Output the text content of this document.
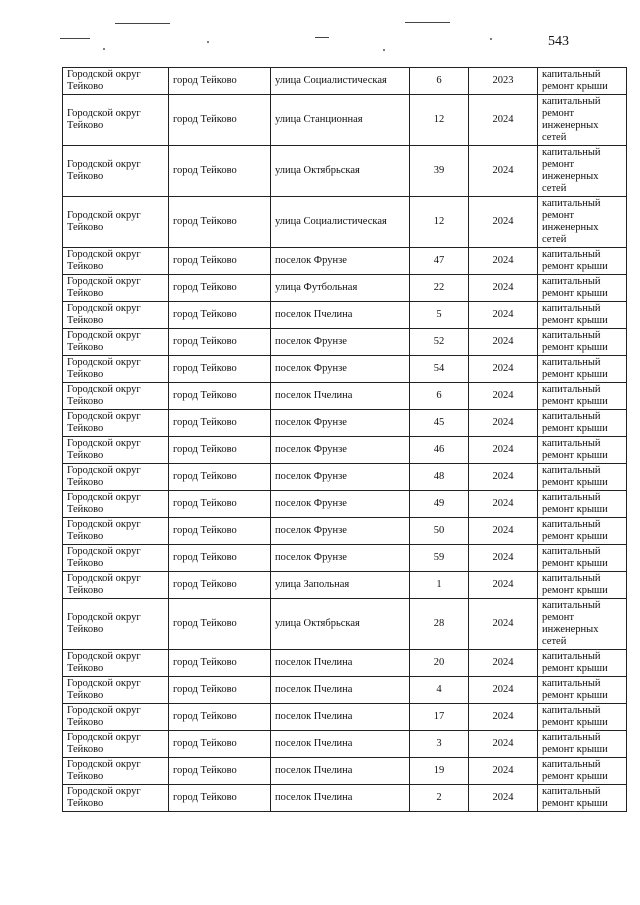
543
Городской округ Тейково	город Тейково	улица Социалистическая	6	2023	капитальный ремонт крыши
Городской округ Тейково	город Тейково	улица Станционная	12	2024	капитальный ремонт инженерных сетей
Городской округ Тейково	город Тейково	улица Октябрьская	39	2024	капитальный ремонт инженерных сетей
Городской округ Тейково	город Тейково	улица Социалистическая	12	2024	капитальный ремонт инженерных сетей
Городской округ Тейково	город Тейково	поселок Фрунзе	47	2024	капитальный ремонт крыши
Городской округ Тейково	город Тейково	улица Футбольная	22	2024	капитальный ремонт крыши
Городской округ Тейково	город Тейково	поселок Пчелина	5	2024	капитальный ремонт крыши
Городской округ Тейково	город Тейково	поселок Фрунзе	52	2024	капитальный ремонт крыши
Городской округ Тейково	город Тейково	поселок Фрунзе	54	2024	капитальный ремонт крыши
Городской округ Тейково	город Тейково	поселок Пчелина	6	2024	капитальный ремонт крыши
Городской округ Тейково	город Тейково	поселок Фрунзе	45	2024	капитальный ремонт крыши
Городской округ Тейково	город Тейково	поселок Фрунзе	46	2024	капитальный ремонт крыши
Городской округ Тейково	город Тейково	поселок Фрунзе	48	2024	капитальный ремонт крыши
Городской округ Тейково	город Тейково	поселок Фрунзе	49	2024	капитальный ремонт крыши
Городской округ Тейково	город Тейково	поселок Фрунзе	50	2024	капитальный ремонт крыши
Городской округ Тейково	город Тейково	поселок Фрунзе	59	2024	капитальный ремонт крыши
Городской округ Тейково	город Тейково	улица Запольная	1	2024	капитальный ремонт крыши
Городской округ Тейково	город Тейково	улица Октябрьская	28	2024	капитальный ремонт инженерных сетей
Городской округ Тейково	город Тейково	поселок Пчелина	20	2024	капитальный ремонт крыши
Городской округ Тейково	город Тейково	поселок Пчелина	4	2024	капитальный ремонт крыши
Городской округ Тейково	город Тейково	поселок Пчелина	17	2024	капитальный ремонт крыши
Городской округ Тейково	город Тейково	поселок Пчелина	3	2024	капитальный ремонт крыши
Городской округ Тейково	город Тейково	поселок Пчелина	19	2024	капитальный ремонт крыши
Городской округ Тейково	город Тейково	поселок Пчелина	2	2024	капитальный ремонт крыши
